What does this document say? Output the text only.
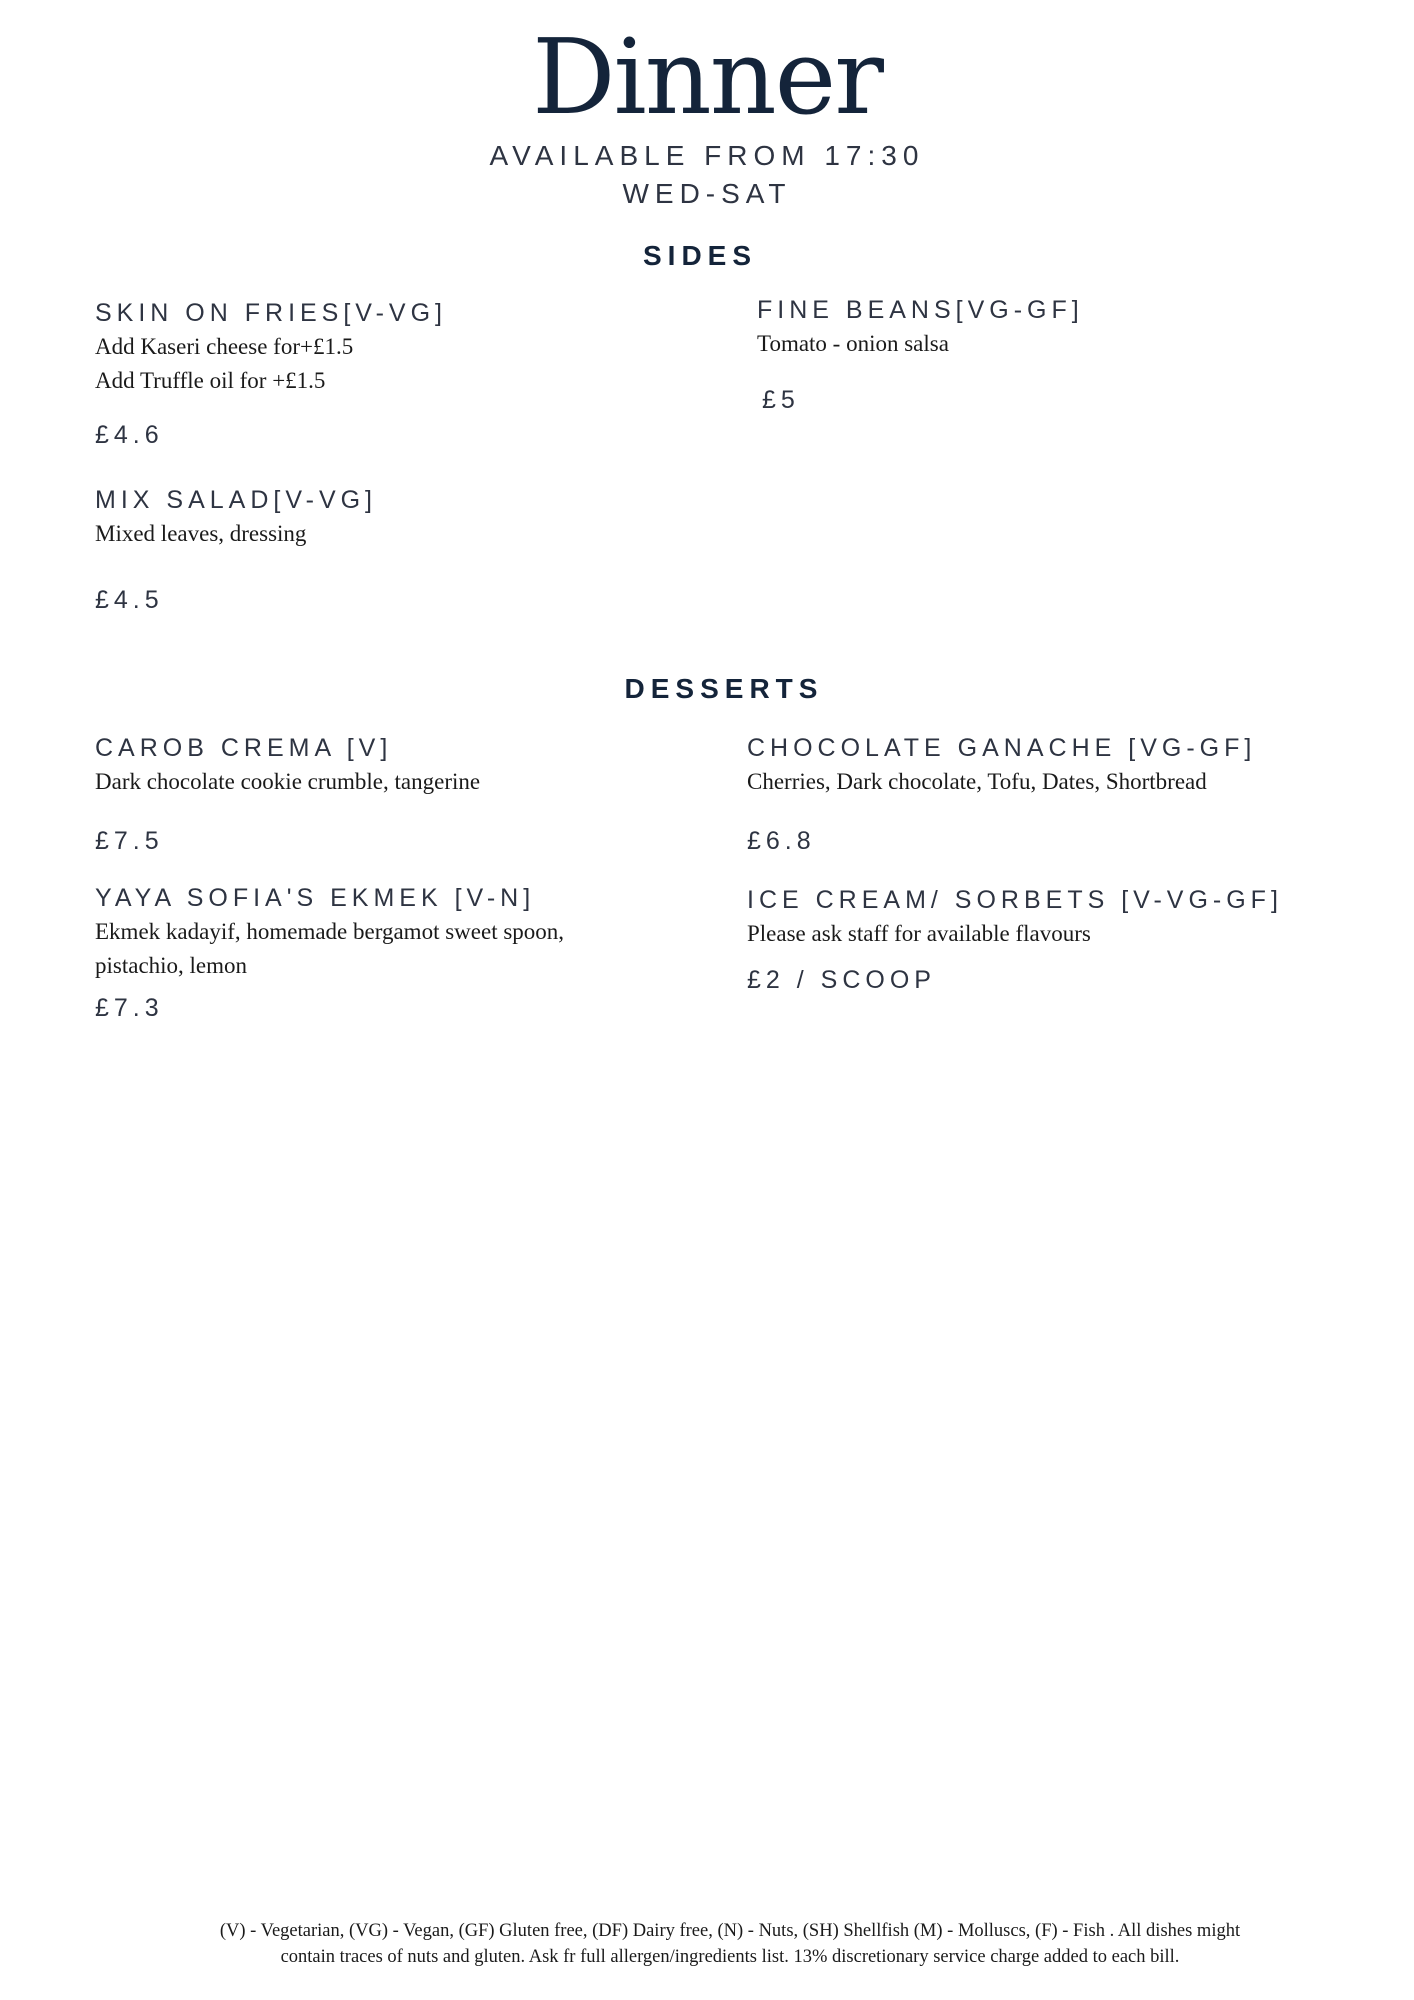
Dinner
AVAILABLE FROM 17:30
WED-SAT
SIDES
SKIN ON FRIES[V-VG]
Add Kaseri cheese for+£1.5
Add Truffle oil for +£1.5
£4.6
FINE BEANS[VG-GF]
Tomato - onion salsa
£5
MIX SALAD[V-VG]
Mixed leaves, dressing
£4.5
DESSERTS
CAROB CREMA [V]
Dark chocolate cookie crumble, tangerine
£7.5
CHOCOLATE GANACHE [VG-GF]
Cherries, Dark chocolate, Tofu, Dates, Shortbread
£6.8
YAYA SOFIA'S EKMEK [V-N]
Ekmek kadayif, homemade bergamot sweet spoon,
pistachio, lemon
£7.3
ICE CREAM/ SORBETS [V-VG-GF]
Please ask staff for available flavours
£2 / SCOOP
(V) - Vegetarian, (VG) - Vegan, (GF) Gluten free, (DF) Dairy free, (N) - Nuts, (SH) Shellfish (M) - Molluscs, (F) - Fish . All dishes might
contain traces of nuts and gluten. Ask fr full allergen/ingredients list. 13% discretionary service charge added to each bill.
